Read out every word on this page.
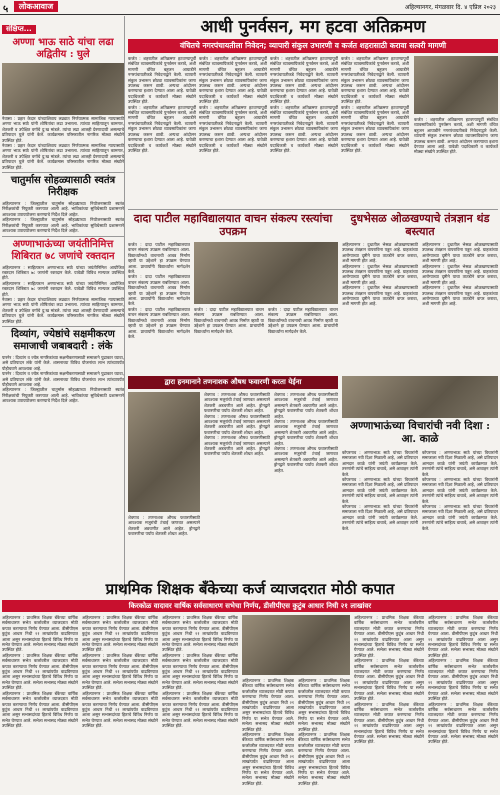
५	लोकआवाज	अहिल्यानगर, मंगळवार दि. ४ एप्रिल २०२३
संक्षिप्त...
अण्णा भाऊ साठे यांचा लढा अद्वितीय : घुले

नेवासा : प्रहार केदार यांच्याशिवाय लढ्यात निर्णयात्मक सामाजिक न्यायासाठी अण्णा भाऊ साठे यांनी शोषितांचा लढा उभारला. त्यांच्या साहित्यातून कामगार, शेतकरी व उपेक्षित वर्गाचे दु:ख मांडले. त्यांचा लढा आजही प्रेरणादायी असल्याचे प्रतिपादन घुले यांनी केले. कार्यक्रमास परिसरातील नागरिक मोठ्या संख्येने उपस्थित होते.

नेवासा : प्रहार केदार यांच्याशिवाय लढ्यात निर्णयात्मक सामाजिक न्यायासाठी अण्णा भाऊ साठे यांनी शोषितांचा लढा उभारला. त्यांच्या साहित्यातून कामगार, शेतकरी व उपेक्षित वर्गाचे दु:ख मांडले. त्यांचा लढा आजही प्रेरणादायी असल्याचे प्रतिपादन घुले यांनी केले. कार्यक्रमास परिसरातील नागरिक मोठ्या संख्येने उपस्थित होते.

चातुर्मास सोहळ्यासाठी स्वतंत्र निरीक्षक

अहिल्यानगर : जिल्ह्यातील चातुर्मास सोहळ्याच्या नियोजनासाठी स्वतंत्र निरीक्षकांची नियुक्ती करण्यात आली आहे. भाविकांच्या सुविधेसाठी प्रशासनाने आवश्यक उपाययोजना करण्याचे निर्देश दिले आहेत.

अहिल्यानगर : जिल्ह्यातील चातुर्मास सोहळ्याच्या नियोजनासाठी स्वतंत्र निरीक्षकांची नियुक्ती करण्यात आली आहे. भाविकांच्या सुविधेसाठी प्रशासनाने आवश्यक उपाययोजना करण्याचे निर्देश दिले आहेत.

अण्णाभाऊंच्या जयंतीनिमित्त शिबिरात ७८ जणांचे रक्तदान

अहिल्यानगर : साहित्यरत्न अण्णाभाऊ साठे यांच्या जयंतीनिमित्त आयोजित रक्तदान शिबिरात ७८ जणांनी रक्तदान केले. यावेळी विविध मान्यवर उपस्थित होते.

अहिल्यानगर : साहित्यरत्न अण्णाभाऊ साठे यांच्या जयंतीनिमित्त आयोजित रक्तदान शिबिरात ७८ जणांनी रक्तदान केले. यावेळी विविध मान्यवर उपस्थित होते.

नेवासा : प्रहार केदार यांच्याशिवाय लढ्यात निर्णयात्मक सामाजिक न्यायासाठी अण्णा भाऊ साठे यांनी शोषितांचा लढा उभारला. त्यांच्या साहित्यातून कामगार, शेतकरी व उपेक्षित वर्गाचे दु:ख मांडले. त्यांचा लढा आजही प्रेरणादायी असल्याचे प्रतिपादन घुले यांनी केले. कार्यक्रमास परिसरातील नागरिक मोठ्या संख्येने उपस्थित होते.

दिव्यांग, ज्येष्ठांचे सक्षमीकरण समाजाची जबाबदारी : लंके

पारनेर : दिव्यांग व ज्येष्ठ नागरिकांच्या सक्षमीकरणासाठी समाजाने पुढाकार घ्यावा, असे प्रतिपादन लंके यांनी केले. शासनाच्या विविध योजनांचा लाभ त्यांच्यापर्यंत पोहोचवणे आवश्यक आहे.

पारनेर : दिव्यांग व ज्येष्ठ नागरिकांच्या सक्षमीकरणासाठी समाजाने पुढाकार घ्यावा, असे प्रतिपादन लंके यांनी केले. शासनाच्या विविध योजनांचा लाभ त्यांच्यापर्यंत पोहोचवणे आवश्यक आहे.

अहिल्यानगर : जिल्ह्यातील चातुर्मास सोहळ्याच्या नियोजनासाठी स्वतंत्र निरीक्षकांची नियुक्ती करण्यात आली आहे. भाविकांच्या सुविधेसाठी प्रशासनाने आवश्यक उपाययोजना करण्याचे निर्देश दिले आहेत.

आधी पुनर्वसन, मग हटवा अतिक्रमण
वंचितचे नगरपंचायतीला निवेदन; व्यापारी संकुल उभारणी व कर्जत शहरासाठी करावा सत्वरी मागणी

कर्जत : शहरातील अतिक्रमण हटवण्यापूर्वी संबंधित व्यावसायिकांचे पुनर्वसन करावे, अशी मागणी वंचित बहुजन आघाडीने नगरपंचायतीकडे निवेदनाद्वारे केली. व्यापारी संकुल उभारून छोट्या व्यावसायिकांना जागा उपलब्ध करून द्यावी. अन्यथा आंदोलन करण्याचा इशारा देण्यात आला आहे. यावेळी पदाधिकारी व कार्यकर्ते मोठ्या संख्येने उपस्थित होते.

कर्जत : शहरातील अतिक्रमण हटवण्यापूर्वी संबंधित व्यावसायिकांचे पुनर्वसन करावे, अशी मागणी वंचित बहुजन आघाडीने नगरपंचायतीकडे निवेदनाद्वारे केली. व्यापारी संकुल उभारून छोट्या व्यावसायिकांना जागा उपलब्ध करून द्यावी. अन्यथा आंदोलन करण्याचा इशारा देण्यात आला आहे. यावेळी पदाधिकारी व कार्यकर्ते मोठ्या संख्येने उपस्थित होते.

कर्जत : शहरातील अतिक्रमण हटवण्यापूर्वी संबंधित व्यावसायिकांचे पुनर्वसन करावे, अशी मागणी वंचित बहुजन आघाडीने नगरपंचायतीकडे निवेदनाद्वारे केली. व्यापारी संकुल उभारून छोट्या व्यावसायिकांना जागा उपलब्ध करून द्यावी. अन्यथा आंदोलन करण्याचा इशारा देण्यात आला आहे. यावेळी पदाधिकारी व कार्यकर्ते मोठ्या संख्येने उपस्थित होते.

कर्जत : शहरातील अतिक्रमण हटवण्यापूर्वी संबंधित व्यावसायिकांचे पुनर्वसन करावे, अशी मागणी वंचित बहुजन आघाडीने नगरपंचायतीकडे निवेदनाद्वारे केली. व्यापारी संकुल उभारून छोट्या व्यावसायिकांना जागा उपलब्ध करून द्यावी. अन्यथा आंदोलन करण्याचा इशारा देण्यात आला आहे. यावेळी पदाधिकारी व कार्यकर्ते मोठ्या संख्येने उपस्थित होते.

कर्जत : शहरातील अतिक्रमण हटवण्यापूर्वी संबंधित व्यावसायिकांचे पुनर्वसन करावे, अशी मागणी वंचित बहुजन आघाडीने नगरपंचायतीकडे निवेदनाद्वारे केली. व्यापारी संकुल उभारून छोट्या व्यावसायिकांना जागा उपलब्ध करून द्यावी. अन्यथा आंदोलन करण्याचा इशारा देण्यात आला आहे. यावेळी पदाधिकारी व कार्यकर्ते मोठ्या संख्येने उपस्थित होते.

कर्जत : शहरातील अतिक्रमण हटवण्यापूर्वी संबंधित व्यावसायिकांचे पुनर्वसन करावे, अशी मागणी वंचित बहुजन आघाडीने नगरपंचायतीकडे निवेदनाद्वारे केली. व्यापारी संकुल उभारून छोट्या व्यावसायिकांना जागा उपलब्ध करून द्यावी. अन्यथा आंदोलन करण्याचा इशारा देण्यात आला आहे. यावेळी पदाधिकारी व कार्यकर्ते मोठ्या संख्येने उपस्थित होते.

कर्जत : शहरातील अतिक्रमण हटवण्यापूर्वी संबंधित व्यावसायिकांचे पुनर्वसन करावे, अशी मागणी वंचित बहुजन आघाडीने नगरपंचायतीकडे निवेदनाद्वारे केली. व्यापारी संकुल उभारून छोट्या व्यावसायिकांना जागा उपलब्ध करून द्यावी. अन्यथा आंदोलन करण्याचा इशारा देण्यात आला आहे. यावेळी पदाधिकारी व कार्यकर्ते मोठ्या संख्येने उपस्थित होते.

कर्जत : शहरातील अतिक्रमण हटवण्यापूर्वी संबंधित व्यावसायिकांचे पुनर्वसन करावे, अशी मागणी वंचित बहुजन आघाडीने नगरपंचायतीकडे निवेदनाद्वारे केली. व्यापारी संकुल उभारून छोट्या व्यावसायिकांना जागा उपलब्ध करून द्यावी. अन्यथा आंदोलन करण्याचा इशारा देण्यात आला आहे. यावेळी पदाधिकारी व कार्यकर्ते मोठ्या संख्येने उपस्थित होते.

कर्जत : शहरातील अतिक्रमण हटवण्यापूर्वी संबंधित व्यावसायिकांचे पुनर्वसन करावे, अशी मागणी वंचित बहुजन आघाडीने नगरपंचायतीकडे निवेदनाद्वारे केली. व्यापारी संकुल उभारून छोट्या व्यावसायिकांना जागा उपलब्ध करून द्यावी. अन्यथा आंदोलन करण्याचा इशारा देण्यात आला आहे. यावेळी पदाधिकारी व कार्यकर्ते मोठ्या संख्येने उपस्थित होते.

दादा पाटील महाविद्यालयात वाचन संकल्प रस्त्यांचा उपक्रम

कर्जत : दादा पाटील महाविद्यालयात वाचन संकल्प उपक्रम राबविण्यात आला. विद्यार्थ्यांमध्ये वाचनाची आवड निर्माण व्हावी या उद्देशाने हा उपक्रम घेण्यात आला. प्राचार्यांनी विद्यार्थ्यांना मार्गदर्शन केले.

कर्जत : दादा पाटील महाविद्यालयात वाचन संकल्प उपक्रम राबविण्यात आला. विद्यार्थ्यांमध्ये वाचनाची आवड निर्माण व्हावी या उद्देशाने हा उपक्रम घेण्यात आला. प्राचार्यांनी विद्यार्थ्यांना मार्गदर्शन केले.

कर्जत : दादा पाटील महाविद्यालयात वाचन संकल्प उपक्रम राबविण्यात आला. विद्यार्थ्यांमध्ये वाचनाची आवड निर्माण व्हावी या उद्देशाने हा उपक्रम घेण्यात आला. प्राचार्यांनी विद्यार्थ्यांना मार्गदर्शन केले.

कर्जत : दादा पाटील महाविद्यालयात वाचन संकल्प उपक्रम राबविण्यात आला. विद्यार्थ्यांमध्ये वाचनाची आवड निर्माण व्हावी या उद्देशाने हा उपक्रम घेण्यात आला. प्राचार्यांनी विद्यार्थ्यांना मार्गदर्शन केले.

कर्जत : दादा पाटील महाविद्यालयात वाचन संकल्प उपक्रम राबविण्यात आला. विद्यार्थ्यांमध्ये वाचनाची आवड निर्माण व्हावी या उद्देशाने हा उपक्रम घेण्यात आला. प्राचार्यांनी विद्यार्थ्यांना मार्गदर्शन केले.

दुधभेसळ ओळखण्याचे तंत्रज्ञान थंड बस्त्यात

अहिल्यानगर : दुधातील भेसळ ओळखण्यासाठी उपलब्ध तंत्रज्ञान वापराविना पडून आहे. ग्राहकांच्या आरोग्याच्या दृष्टीने याचा तातडीने वापर करावा, अशी मागणी होत आहे.

अहिल्यानगर : दुधातील भेसळ ओळखण्यासाठी उपलब्ध तंत्रज्ञान वापराविना पडून आहे. ग्राहकांच्या आरोग्याच्या दृष्टीने याचा तातडीने वापर करावा, अशी मागणी होत आहे.

अहिल्यानगर : दुधातील भेसळ ओळखण्यासाठी उपलब्ध तंत्रज्ञान वापराविना पडून आहे. ग्राहकांच्या आरोग्याच्या दृष्टीने याचा तातडीने वापर करावा, अशी मागणी होत आहे.

अहिल्यानगर : दुधातील भेसळ ओळखण्यासाठी उपलब्ध तंत्रज्ञान वापराविना पडून आहे. ग्राहकांच्या आरोग्याच्या दृष्टीने याचा तातडीने वापर करावा, अशी मागणी होत आहे.

अहिल्यानगर : दुधातील भेसळ ओळखण्यासाठी उपलब्ध तंत्रज्ञान वापराविना पडून आहे. ग्राहकांच्या आरोग्याच्या दृष्टीने याचा तातडीने वापर करावा, अशी मागणी होत आहे.

अहिल्यानगर : दुधातील भेसळ ओळखण्यासाठी उपलब्ध तंत्रज्ञान वापराविना पडून आहे. ग्राहकांच्या आरोग्याच्या दृष्टीने याचा तातडीने वापर करावा, अशी मागणी होत आहे.

द्वारा हनमानाने तणनाशक औषध फवारणी करता येईना

शेवगाव : तणनाशक औषध फवारणीसाठी आवश्यक मजुरांची टंचाई जाणवत असल्याने शेतकरी अडचणीत आले आहेत. ड्रोनद्वारे फवारणीचा पर्याय शेतकरी शोधत आहेत.

शेवगाव : तणनाशक औषध फवारणीसाठी आवश्यक मजुरांची टंचाई जाणवत असल्याने शेतकरी अडचणीत आले आहेत. ड्रोनद्वारे फवारणीचा पर्याय शेतकरी शोधत आहेत.

शेवगाव : तणनाशक औषध फवारणीसाठी आवश्यक मजुरांची टंचाई जाणवत असल्याने शेतकरी अडचणीत आले आहेत. ड्रोनद्वारे फवारणीचा पर्याय शेतकरी शोधत आहेत.

शेवगाव : तणनाशक औषध फवारणीसाठी आवश्यक मजुरांची टंचाई जाणवत असल्याने शेतकरी अडचणीत आले आहेत. ड्रोनद्वारे फवारणीचा पर्याय शेतकरी शोधत आहेत.

शेवगाव : तणनाशक औषध फवारणीसाठी आवश्यक मजुरांची टंचाई जाणवत असल्याने शेतकरी अडचणीत आले आहेत. ड्रोनद्वारे फवारणीचा पर्याय शेतकरी शोधत आहेत.

शेवगाव : तणनाशक औषध फवारणीसाठी आवश्यक मजुरांची टंचाई जाणवत असल्याने शेतकरी अडचणीत आले आहेत. ड्रोनद्वारे फवारणीचा पर्याय शेतकरी शोधत आहेत.

शेवगाव : तणनाशक औषध फवारणीसाठी आवश्यक मजुरांची टंचाई जाणवत असल्याने शेतकरी अडचणीत आले आहेत. ड्रोनद्वारे फवारणीचा पर्याय शेतकरी शोधत आहेत.

अण्णाभाऊंच्या विचारांची नवी दिशा : आ. काळे

कोपरगाव : अण्णाभाऊ साठे यांच्या विचारांनी समाजाला नवी दिशा मिळाली आहे, असे प्रतिपादन आमदार काळे यांनी जयंती कार्यक्रमात केले. तरुणांनी त्यांचे साहित्य वाचावे, असे आवाहन त्यांनी केले.

कोपरगाव : अण्णाभाऊ साठे यांच्या विचारांनी समाजाला नवी दिशा मिळाली आहे, असे प्रतिपादन आमदार काळे यांनी जयंती कार्यक्रमात केले. तरुणांनी त्यांचे साहित्य वाचावे, असे आवाहन त्यांनी केले.

कोपरगाव : अण्णाभाऊ साठे यांच्या विचारांनी समाजाला नवी दिशा मिळाली आहे, असे प्रतिपादन आमदार काळे यांनी जयंती कार्यक्रमात केले. तरुणांनी त्यांचे साहित्य वाचावे, असे आवाहन त्यांनी केले.

कोपरगाव : अण्णाभाऊ साठे यांच्या विचारांनी समाजाला नवी दिशा मिळाली आहे, असे प्रतिपादन आमदार काळे यांनी जयंती कार्यक्रमात केले. तरुणांनी त्यांचे साहित्य वाचावे, असे आवाहन त्यांनी केले.

कोपरगाव : अण्णाभाऊ साठे यांच्या विचारांनी समाजाला नवी दिशा मिळाली आहे, असे प्रतिपादन आमदार काळे यांनी जयंती कार्यक्रमात केले. तरुणांनी त्यांचे साहित्य वाचावे, असे आवाहन त्यांनी केले.

कोपरगाव : अण्णाभाऊ साठे यांच्या विचारांनी समाजाला नवी दिशा मिळाली आहे, असे प्रतिपादन आमदार काळे यांनी जयंती कार्यक्रमात केले. तरुणांनी त्यांचे साहित्य वाचावे, असे आवाहन त्यांनी केले.

प्राथमिक शिक्षक बँकेच्या कर्ज व्याजदरात मोठी कपात
किरकोळ वादावर वार्षिक सर्वसाधारण सभेचा निर्णय, डीसीपीएस कुटुंब आधार निधी २१ लाखांवर

अहिल्यानगर : प्राथमिक शिक्षक बँकेच्या वार्षिक सर्वसाधारण सभेत कर्जावरील व्याजदरात मोठी कपात करण्याचा निर्णय घेण्यात आला. डीसीपीएस कुटुंब आधार निधी २१ लाखांपर्यंत वाढविण्यात आला असून सभासदांच्या हिताचे विविध निर्णय या सभेत घेण्यात आले. सभेला सभासद मोठ्या संख्येने उपस्थित होते.

अहिल्यानगर : प्राथमिक शिक्षक बँकेच्या वार्षिक सर्वसाधारण सभेत कर्जावरील व्याजदरात मोठी कपात करण्याचा निर्णय घेण्यात आला. डीसीपीएस कुटुंब आधार निधी २१ लाखांपर्यंत वाढविण्यात आला असून सभासदांच्या हिताचे विविध निर्णय या सभेत घेण्यात आले. सभेला सभासद मोठ्या संख्येने उपस्थित होते.

अहिल्यानगर : प्राथमिक शिक्षक बँकेच्या वार्षिक सर्वसाधारण सभेत कर्जावरील व्याजदरात मोठी कपात करण्याचा निर्णय घेण्यात आला. डीसीपीएस कुटुंब आधार निधी २१ लाखांपर्यंत वाढविण्यात आला असून सभासदांच्या हिताचे विविध निर्णय या सभेत घेण्यात आले. सभेला सभासद मोठ्या संख्येने उपस्थित होते.

अहिल्यानगर : प्राथमिक शिक्षक बँकेच्या वार्षिक सर्वसाधारण सभेत कर्जावरील व्याजदरात मोठी कपात करण्याचा निर्णय घेण्यात आला. डीसीपीएस कुटुंब आधार निधी २१ लाखांपर्यंत वाढविण्यात आला असून सभासदांच्या हिताचे विविध निर्णय या सभेत घेण्यात आले. सभेला सभासद मोठ्या संख्येने उपस्थित होते.

अहिल्यानगर : प्राथमिक शिक्षक बँकेच्या वार्षिक सर्वसाधारण सभेत कर्जावरील व्याजदरात मोठी कपात करण्याचा निर्णय घेण्यात आला. डीसीपीएस कुटुंब आधार निधी २१ लाखांपर्यंत वाढविण्यात आला असून सभासदांच्या हिताचे विविध निर्णय या सभेत घेण्यात आले. सभेला सभासद मोठ्या संख्येने उपस्थित होते.

अहिल्यानगर : प्राथमिक शिक्षक बँकेच्या वार्षिक सर्वसाधारण सभेत कर्जावरील व्याजदरात मोठी कपात करण्याचा निर्णय घेण्यात आला. डीसीपीएस कुटुंब आधार निधी २१ लाखांपर्यंत वाढविण्यात आला असून सभासदांच्या हिताचे विविध निर्णय या सभेत घेण्यात आले. सभेला सभासद मोठ्या संख्येने उपस्थित होते.

अहिल्यानगर : प्राथमिक शिक्षक बँकेच्या वार्षिक सर्वसाधारण सभेत कर्जावरील व्याजदरात मोठी कपात करण्याचा निर्णय घेण्यात आला. डीसीपीएस कुटुंब आधार निधी २१ लाखांपर्यंत वाढविण्यात आला असून सभासदांच्या हिताचे विविध निर्णय या सभेत घेण्यात आले. सभेला सभासद मोठ्या संख्येने उपस्थित होते.

अहिल्यानगर : प्राथमिक शिक्षक बँकेच्या वार्षिक सर्वसाधारण सभेत कर्जावरील व्याजदरात मोठी कपात करण्याचा निर्णय घेण्यात आला. डीसीपीएस कुटुंब आधार निधी २१ लाखांपर्यंत वाढविण्यात आला असून सभासदांच्या हिताचे विविध निर्णय या सभेत घेण्यात आले. सभेला सभासद मोठ्या संख्येने उपस्थित होते.

अहिल्यानगर : प्राथमिक शिक्षक बँकेच्या वार्षिक सर्वसाधारण सभेत कर्जावरील व्याजदरात मोठी कपात करण्याचा निर्णय घेण्यात आला. डीसीपीएस कुटुंब आधार निधी २१ लाखांपर्यंत वाढविण्यात आला असून सभासदांच्या हिताचे विविध निर्णय या सभेत घेण्यात आले. सभेला सभासद मोठ्या संख्येने उपस्थित होते.

अहिल्यानगर : प्राथमिक शिक्षक बँकेच्या वार्षिक सर्वसाधारण सभेत कर्जावरील व्याजदरात मोठी कपात करण्याचा निर्णय घेण्यात आला. डीसीपीएस कुटुंब आधार निधी २१ लाखांपर्यंत वाढविण्यात आला असून सभासदांच्या हिताचे विविध निर्णय या सभेत घेण्यात आले. सभेला सभासद मोठ्या संख्येने उपस्थित होते.

अहिल्यानगर : प्राथमिक शिक्षक बँकेच्या वार्षिक सर्वसाधारण सभेत कर्जावरील व्याजदरात मोठी कपात करण्याचा निर्णय घेण्यात आला. डीसीपीएस कुटुंब आधार निधी २१ लाखांपर्यंत वाढविण्यात आला असून सभासदांच्या हिताचे विविध निर्णय या सभेत घेण्यात आले. सभेला सभासद मोठ्या संख्येने उपस्थित होते.

अहिल्यानगर : प्राथमिक शिक्षक बँकेच्या वार्षिक सर्वसाधारण सभेत कर्जावरील व्याजदरात मोठी कपात करण्याचा निर्णय घेण्यात आला. डीसीपीएस कुटुंब आधार निधी २१ लाखांपर्यंत वाढविण्यात आला असून सभासदांच्या हिताचे विविध निर्णय या सभेत घेण्यात आले. सभेला सभासद मोठ्या संख्येने उपस्थित होते.

अहिल्यानगर : प्राथमिक शिक्षक बँकेच्या वार्षिक सर्वसाधारण सभेत कर्जावरील व्याजदरात मोठी कपात करण्याचा निर्णय घेण्यात आला. डीसीपीएस कुटुंब आधार निधी २१ लाखांपर्यंत वाढविण्यात आला असून सभासदांच्या हिताचे विविध निर्णय या सभेत घेण्यात आले. सभेला सभासद मोठ्या संख्येने उपस्थित होते.

अहिल्यानगर : प्राथमिक शिक्षक बँकेच्या वार्षिक सर्वसाधारण सभेत कर्जावरील व्याजदरात मोठी कपात करण्याचा निर्णय घेण्यात आला. डीसीपीएस कुटुंब आधार निधी २१ लाखांपर्यंत वाढविण्यात आला असून सभासदांच्या हिताचे विविध निर्णय या सभेत घेण्यात आले. सभेला सभासद मोठ्या संख्येने उपस्थित होते.

अहिल्यानगर : प्राथमिक शिक्षक बँकेच्या वार्षिक सर्वसाधारण सभेत कर्जावरील व्याजदरात मोठी कपात करण्याचा निर्णय घेण्यात आला. डीसीपीएस कुटुंब आधार निधी २१ लाखांपर्यंत वाढविण्यात आला असून सभासदांच्या हिताचे विविध निर्णय या सभेत घेण्यात आले. सभेला सभासद मोठ्या संख्येने उपस्थित होते.

अहिल्यानगर : प्राथमिक शिक्षक बँकेच्या वार्षिक सर्वसाधारण सभेत कर्जावरील व्याजदरात मोठी कपात करण्याचा निर्णय घेण्यात आला. डीसीपीएस कुटुंब आधार निधी २१ लाखांपर्यंत वाढविण्यात आला असून सभासदांच्या हिताचे विविध निर्णय या सभेत घेण्यात आले. सभेला सभासद मोठ्या संख्येने उपस्थित होते.

अहिल्यानगर : प्राथमिक शिक्षक बँकेच्या वार्षिक सर्वसाधारण सभेत कर्जावरील व्याजदरात मोठी कपात करण्याचा निर्णय घेण्यात आला. डीसीपीएस कुटुंब आधार निधी २१ लाखांपर्यंत वाढविण्यात आला असून सभासदांच्या हिताचे विविध निर्णय या सभेत घेण्यात आले. सभेला सभासद मोठ्या संख्येने उपस्थित होते.

अहिल्यानगर : प्राथमिक शिक्षक बँकेच्या वार्षिक सर्वसाधारण सभेत कर्जावरील व्याजदरात मोठी कपात करण्याचा निर्णय घेण्यात आला. डीसीपीएस कुटुंब आधार निधी २१ लाखांपर्यंत वाढविण्यात आला असून सभासदांच्या हिताचे विविध निर्णय या सभेत घेण्यात आले. सभेला सभासद मोठ्या संख्येने उपस्थित होते.

अहिल्यानगर : प्राथमिक शिक्षक बँकेच्या वार्षिक सर्वसाधारण सभेत कर्जावरील व्याजदरात मोठी कपात करण्याचा निर्णय घेण्यात आला. डीसीपीएस कुटुंब आधार निधी २१ लाखांपर्यंत वाढविण्यात आला असून सभासदांच्या हिताचे विविध निर्णय या सभेत घेण्यात आले. सभेला सभासद मोठ्या संख्येने उपस्थित होते.
